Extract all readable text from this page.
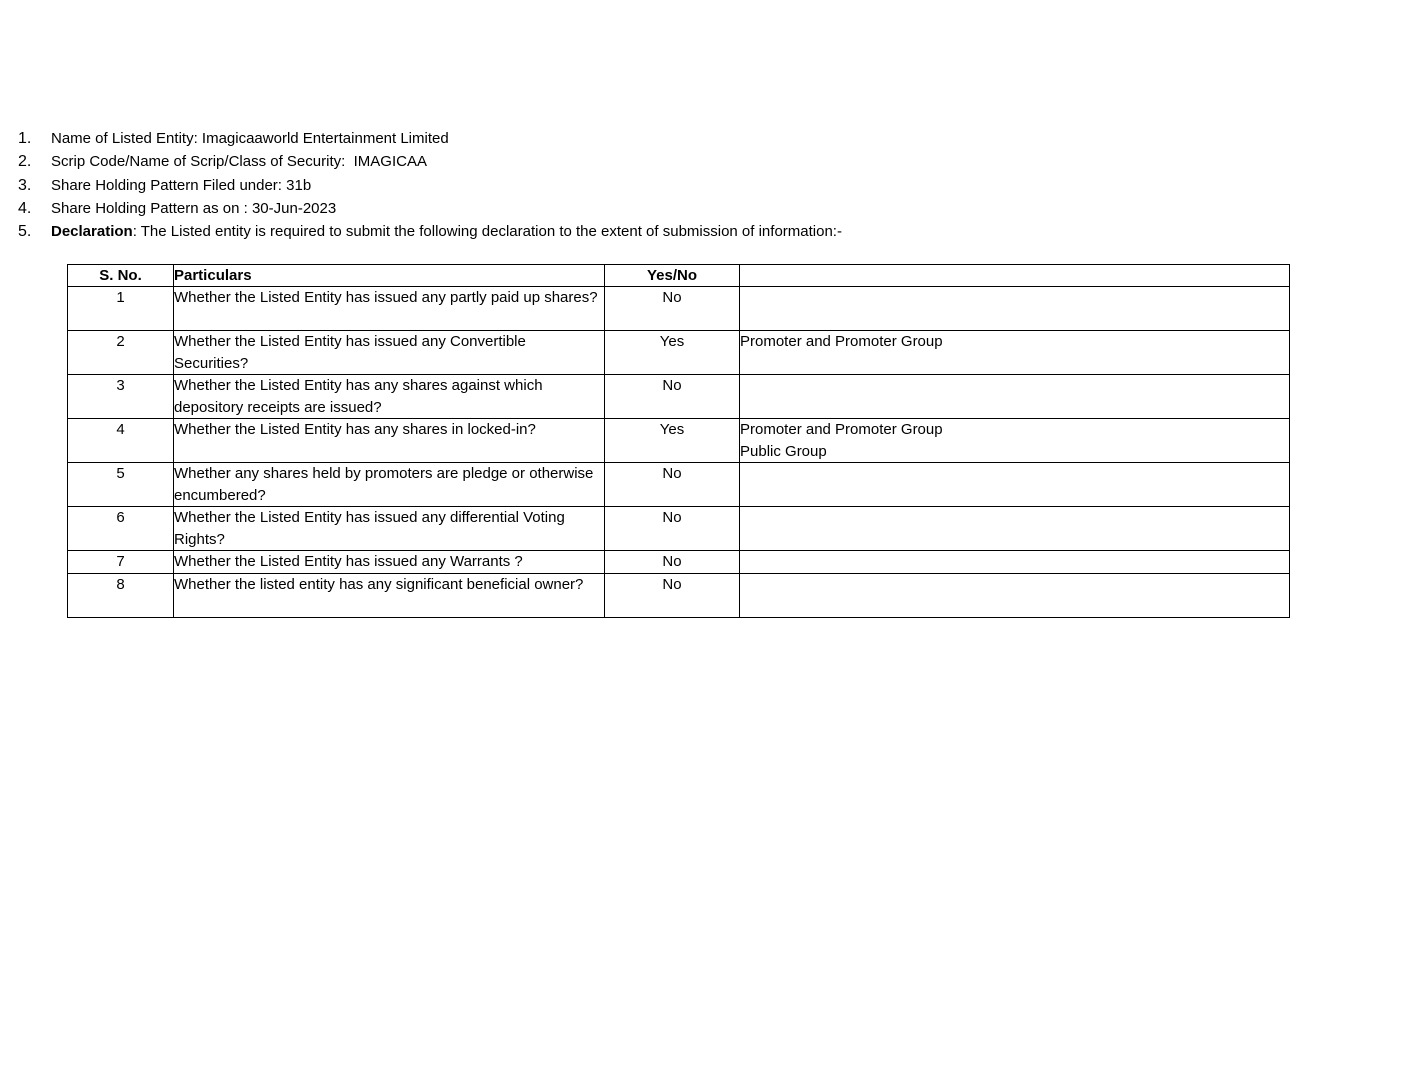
1. Name of Listed Entity: Imagicaaworld Entertainment Limited
2. Scrip Code/Name of Scrip/Class of Security:  IMAGICAA
3. Share Holding Pattern Filed under: 31b
4. Share Holding Pattern as on : 30-Jun-2023
5. Declaration: The Listed entity is required to submit the following declaration to the extent of submission of information:-
S. No.	Particulars	Yes/No	
1	Whether the Listed Entity has issued any partly paid up shares?	No	

2	Whether the Listed Entity has issued any Convertible Securities?	Yes	Promoter and Promoter Group

3	Whether the Listed Entity has any shares against which depository receipts are issued?	No	

4	Whether the Listed Entity has any shares in locked-in?	Yes	Promoter and Promoter Group
Public Group

5	Whether any shares held by promoters are pledge or otherwise encumbered?	No	

6	Whether the Listed Entity has issued any differential Voting Rights?	No	

7	Whether the Listed Entity has issued any Warrants ?	No	

8	Whether the listed entity has any significant beneficial owner?	No	
